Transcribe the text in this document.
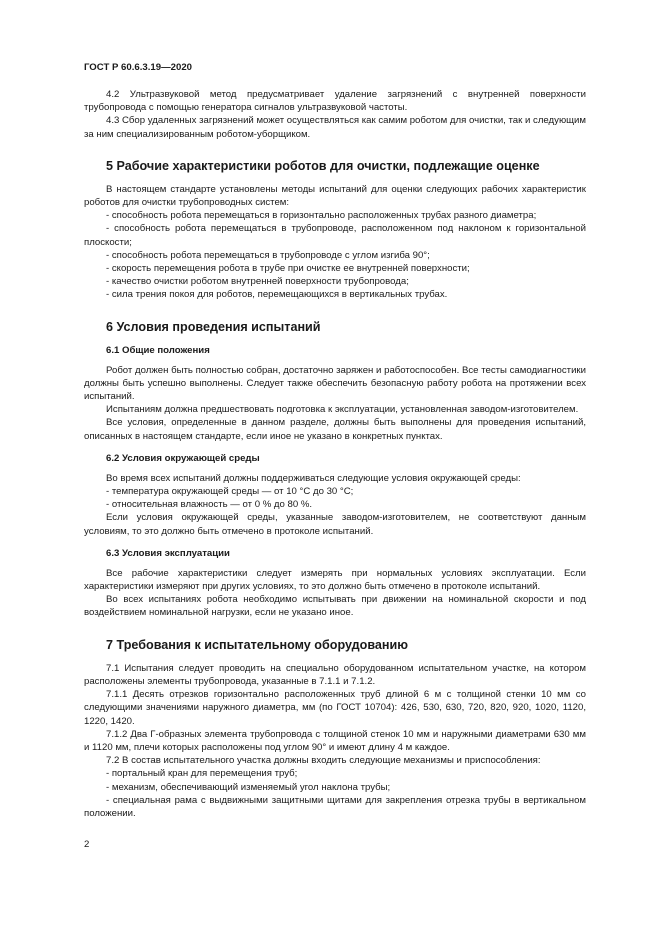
ГОСТ Р 60.6.3.19—2020

4.2 Ультразвуковой метод предусматривает удаление загрязнений с внутренней поверхности трубопровода с помощью генератора сигналов ультразвуковой частоты.

4.3 Сбор удаленных загрязнений может осуществляться как самим роботом для очистки, так и следующим за ним специализированным роботом-уборщиком.

5 Рабочие характеристики роботов для очистки, подлежащие оценке

В настоящем стандарте установлены методы испытаний для оценки следующих рабочих характеристик роботов для очистки трубопроводных систем:

- способность робота перемещаться в горизонтально расположенных трубах разного диаметра;

- способность робота перемещаться в трубопроводе, расположенном под наклоном к горизонтальной плоскости;

- способность робота перемещаться в трубопроводе с углом изгиба 90°;

- скорость перемещения робота в трубе при очистке ее внутренней поверхности;

- качество очистки роботом внутренней поверхности трубопровода;

- сила трения покоя для роботов, перемещающихся в вертикальных трубах.

6 Условия проведения испытаний
6.1 Общие положения

Робот должен быть полностью собран, достаточно заряжен и работоспособен. Все тесты самодиагностики должны быть успешно выполнены. Следует также обеспечить безопасную работу робота на протяжении всех испытаний.

Испытаниям должна предшествовать подготовка к эксплуатации, установленная заводом-изготовителем.

Все условия, определенные в данном разделе, должны быть выполнены для проведения испытаний, описанных в настоящем стандарте, если иное не указано в конкретных пунктах.

6.2 Условия окружающей среды

Во время всех испытаний должны поддерживаться следующие условия окружающей среды:

- температура окружающей среды — от 10 °С до 30 °С;

- относительная влажность — от 0 % до 80 %.

Если условия окружающей среды, указанные заводом-изготовителем, не соответствуют данным условиям, то это должно быть отмечено в протоколе испытаний.

6.3 Условия эксплуатации

Все рабочие характеристики следует измерять при нормальных условиях эксплуатации. Если характеристики измеряют при других условиях, то это должно быть отмечено в протоколе испытаний.

Во всех испытаниях робота необходимо испытывать при движении на номинальной скорости и под воздействием номинальной нагрузки, если не указано иное.

7 Требования к испытательному оборудованию

7.1 Испытания следует проводить на специально оборудованном испытательном участке, на котором расположены элементы трубопровода, указанные в 7.1.1 и 7.1.2.

7.1.1 Десять отрезков горизонтально расположенных труб длиной 6 м с толщиной стенки 10 мм со следующими значениями наружного диаметра, мм (по ГОСТ 10704): 426, 530, 630, 720, 820, 920, 1020, 1120, 1220, 1420.

7.1.2 Два Г-образных элемента трубопровода с толщиной стенок 10 мм и наружными диаметрами 630 мм и 1120 мм, плечи которых расположены под углом 90° и имеют длину 4 м каждое.

7.2 В состав испытательного участка должны входить следующие механизмы и приспособления:

- портальный кран для перемещения труб;

- механизм, обеспечивающий изменяемый угол наклона трубы;

- специальная рама с выдвижными защитными щитами для закрепления отрезка трубы в вертикальном положении.

2
